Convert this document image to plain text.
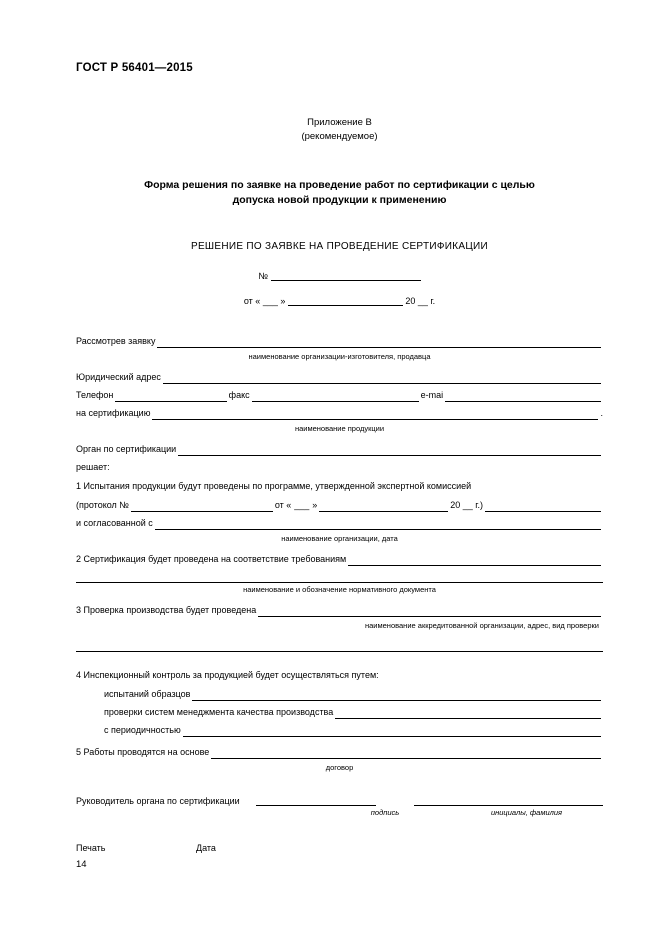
ГОСТ Р 56401—2015
Приложение В
(рекомендуемое)
Форма решения по заявке на проведение работ по сертификации с целью
допуска новой продукции к применению
РЕШЕНИЕ ПО ЗАЯВКЕ НА ПРОВЕДЕНИЕ СЕРТИФИКАЦИИ
№
от « ___ »	20 __ г.
Рассмотрев заявку
наименование организации-изготовителя, продавца
Юридический адрес
Телефон	факс	e-mai
на сертификацию	.
наименование продукции
Орган по сертификации
решает:
1 Испытания продукции будут проведены по программе, утвержденной экспертной комиссией
(протокол №	от « ___ »	20 __ г.)
и согласованной с
наименование организации, дата
2 Сертификация будет проведена на соответствие требованиям
наименование и обозначение нормативного документа
3 Проверка производства будет проведена
наименование аккредитованной организации, адрес, вид проверки
4 Инспекционный контроль за продукцией будет осуществляться путем:
испытаний образцов
проверки систем менеджмента качества производства
с периодичностью
5 Работы проводятся на основе
договор
Руководитель органа по сертификации
подпись	инициалы, фамилия
Печать	Дата
14
